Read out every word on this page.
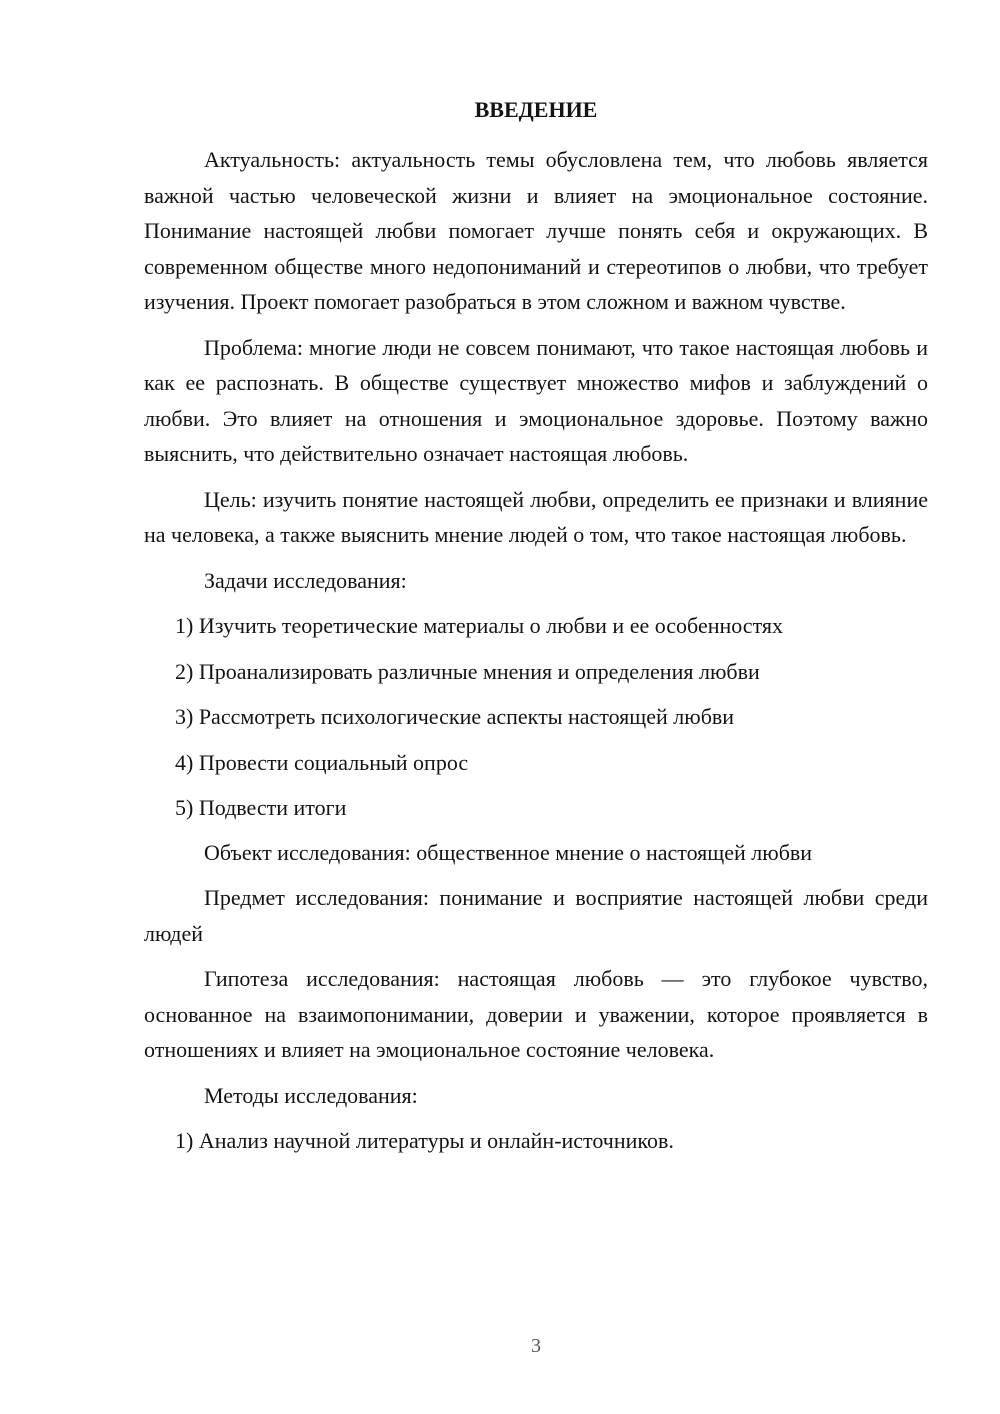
ВВЕДЕНИЕ

Актуальность: актуальность темы обусловлена тем, что любовь является важной частью человеческой жизни и влияет на эмоциональное состояние. Понимание настоящей любви помогает лучше понять себя и окружающих. В современном обществе много недопониманий и стереотипов о любви, что требует изучения. Проект помогает разобраться в этом сложном и важном чувстве.

Проблема: многие люди не совсем понимают, что такое настоящая любовь и как ее распознать. В обществе существует множество мифов и заблуждений о любви. Это влияет на отношения и эмоциональное здоровье. Поэтому важно выяснить, что действительно означает настоящая любовь.

Цель: изучить понятие настоящей любви, определить ее признаки и влияние на человека, а также выяснить мнение людей о том, что такое настоящая любовь.

Задачи исследования:

1) Изучить теоретические материалы о любви и ее особенностях
2) Проанализировать различные мнения и определения любви
3) Рассмотреть психологические аспекты настоящей любви
4) Провести социальный опрос
5) Подвести итоги

Объект исследования: общественное мнение о настоящей любви

Предмет исследования: понимание и восприятие настоящей любви среди людей

Гипотеза исследования: настоящая любовь — это глубокое чувство, основанное на взаимопонимании, доверии и уважении, которое проявляется в отношениях и влияет на эмоциональное состояние человека.

Методы исследования:

1) Анализ научной литературы и онлайн-источников.
3
